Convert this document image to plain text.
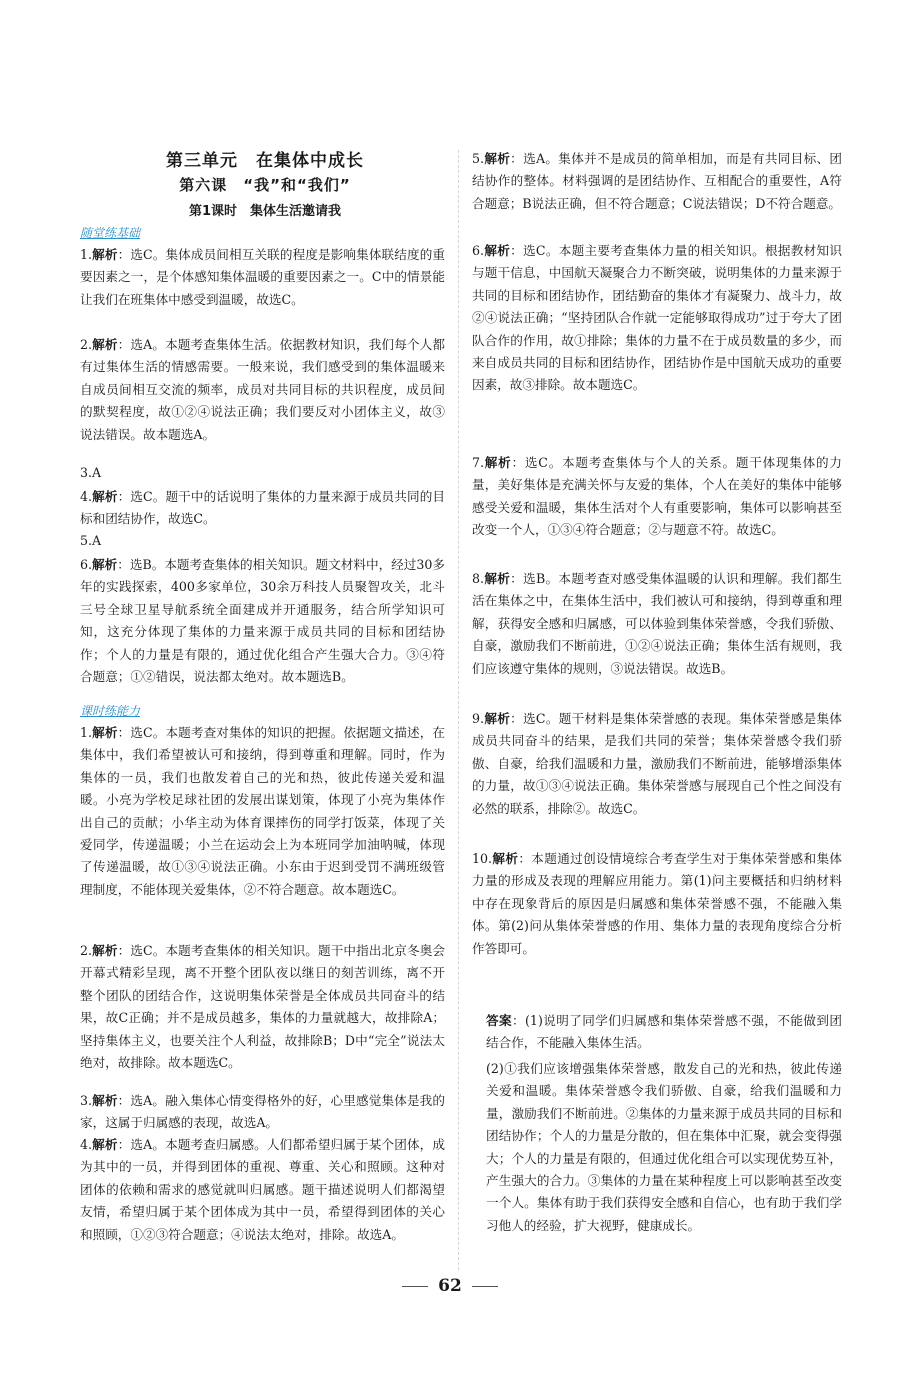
第三单元　在集体中成长
第六课　“我”和“我们”
第1课时　集体生活邀请我
随堂练基础
1.解析：选C。集体成员间相互关联的程度是影响集体联结度的重要因素之一，是个体感知集体温暖的重要因素之一。C中的情景能让我们在班集体中感受到温暖，故选C。
2.解析：选A。本题考查集体生活。依据教材知识，我们每个人都有过集体生活的情感需要。一般来说，我们感受到的集体温暖来自成员间相互交流的频率，成员对共同目标的共识程度，成员间的默契程度，故①②④说法正确；我们要反对小团体主义，故③说法错误。故本题选A。
3.A
4.解析：选C。题干中的话说明了集体的力量来源于成员共同的目标和团结协作，故选C。
5.A
6.解析：选B。本题考查集体的相关知识。题文材料中，经过30多年的实践探索，400多家单位，30余万科技人员聚智攻关，北斗三号全球卫星导航系统全面建成并开通服务，结合所学知识可知，这充分体现了集体的力量来源于成员共同的目标和团结协作；个人的力量是有限的，通过优化组合产生强大合力。③④符合题意；①②错误，说法都太绝对。故本题选B。
课时练能力
1.解析：选C。本题考查对集体的知识的把握。依据题文描述，在集体中，我们希望被认可和接纳，得到尊重和理解。同时，作为集体的一员，我们也散发着自己的光和热，彼此传递关爱和温暖。小亮为学校足球社团的发展出谋划策，体现了小亮为集体作出自己的贡献；小华主动为体育课摔伤的同学打饭菜，体现了关爱同学，传递温暖；小兰在运动会上为本班同学加油呐喊，体现了传递温暖，故①③④说法正确。小东由于迟到受罚不满班级管理制度，不能体现关爱集体，②不符合题意。故本题选C。
2.解析：选C。本题考查集体的相关知识。题干中指出北京冬奥会开幕式精彩呈现，离不开整个团队夜以继日的刻苦训练，离不开整个团队的团结合作，这说明集体荣誉是全体成员共同奋斗的结果，故C正确；并不是成员越多，集体的力量就越大，故排除A；坚持集体主义，也要关注个人利益，故排除B；D中“完全”说法太绝对，故排除。故本题选C。
3.解析：选A。融入集体心情变得格外的好，心里感觉集体是我的家，这属于归属感的表现，故选A。
4.解析：选A。本题考查归属感。人们都希望归属于某个团体，成为其中的一员，并得到团体的重视、尊重、关心和照顾。这种对团体的依赖和需求的感觉就叫归属感。题干描述说明人们都渴望友情，希望归属于某个团体成为其中一员，希望得到团体的关心和照顾，①②③符合题意；④说法太绝对，排除。故选A。
5.解析：选A。集体并不是成员的简单相加，而是有共同目标、团结协作的整体。材料强调的是团结协作、互相配合的重要性，A符合题意；B说法正确，但不符合题意；C说法错误；D不符合题意。
6.解析：选C。本题主要考查集体力量的相关知识。根据教材知识与题干信息，中国航天凝聚合力不断突破，说明集体的力量来源于共同的目标和团结协作，团结勤奋的集体才有凝聚力、战斗力，故②④说法正确；“坚持团队合作就一定能够取得成功”过于夸大了团队合作的作用，故①排除；集体的力量不在于成员数量的多少，而来自成员共同的目标和团结协作，团结协作是中国航天成功的重要因素，故③排除。故本题选C。
7.解析：选C。本题考查集体与个人的关系。题干体现集体的力量，美好集体是充满关怀与友爱的集体，个人在美好的集体中能够感受关爱和温暖，集体生活对个人有重要影响，集体可以影响甚至改变一个人，①③④符合题意；②与题意不符。故选C。
8.解析：选B。本题考查对感受集体温暖的认识和理解。我们都生活在集体之中，在集体生活中，我们被认可和接纳，得到尊重和理解，获得安全感和归属感，可以体验到集体荣誉感，令我们骄傲、自豪，激励我们不断前进，①②④说法正确；集体生活有规则，我们应该遵守集体的规则，③说法错误。故选B。
9.解析：选C。题干材料是集体荣誉感的表现。集体荣誉感是集体成员共同奋斗的结果，是我们共同的荣誉；集体荣誉感令我们骄傲、自豪，给我们温暖和力量，激励我们不断前进，能够增添集体的力量，故①③④说法正确。集体荣誉感与展现自己个性之间没有必然的联系，排除②。故选C。
10.解析：本题通过创设情境综合考查学生对于集体荣誉感和集体力量的形成及表现的理解应用能力。第(1)问主要概括和归纳材料中存在现象背后的原因是归属感和集体荣誉感不强，不能融入集体。第(2)问从集体荣誉感的作用、集体力量的表现角度综合分析作答即可。
答案：(1)说明了同学们归属感和集体荣誉感不强，不能做到团结合作，不能融入集体生活。
(2)①我们应该增强集体荣誉感，散发自己的光和热，彼此传递关爱和温暖。集体荣誉感令我们骄傲、自豪，给我们温暖和力量，激励我们不断前进。②集体的力量来源于成员共同的目标和团结协作；个人的力量是分散的，但在集体中汇聚，就会变得强大；个人的力量是有限的，但通过优化组合可以实现优势互补，产生强大的合力。③集体的力量在某种程度上可以影响甚至改变一个人。集体有助于我们获得安全感和自信心，也有助于我们学习他人的经验，扩大视野，健康成长。
62
